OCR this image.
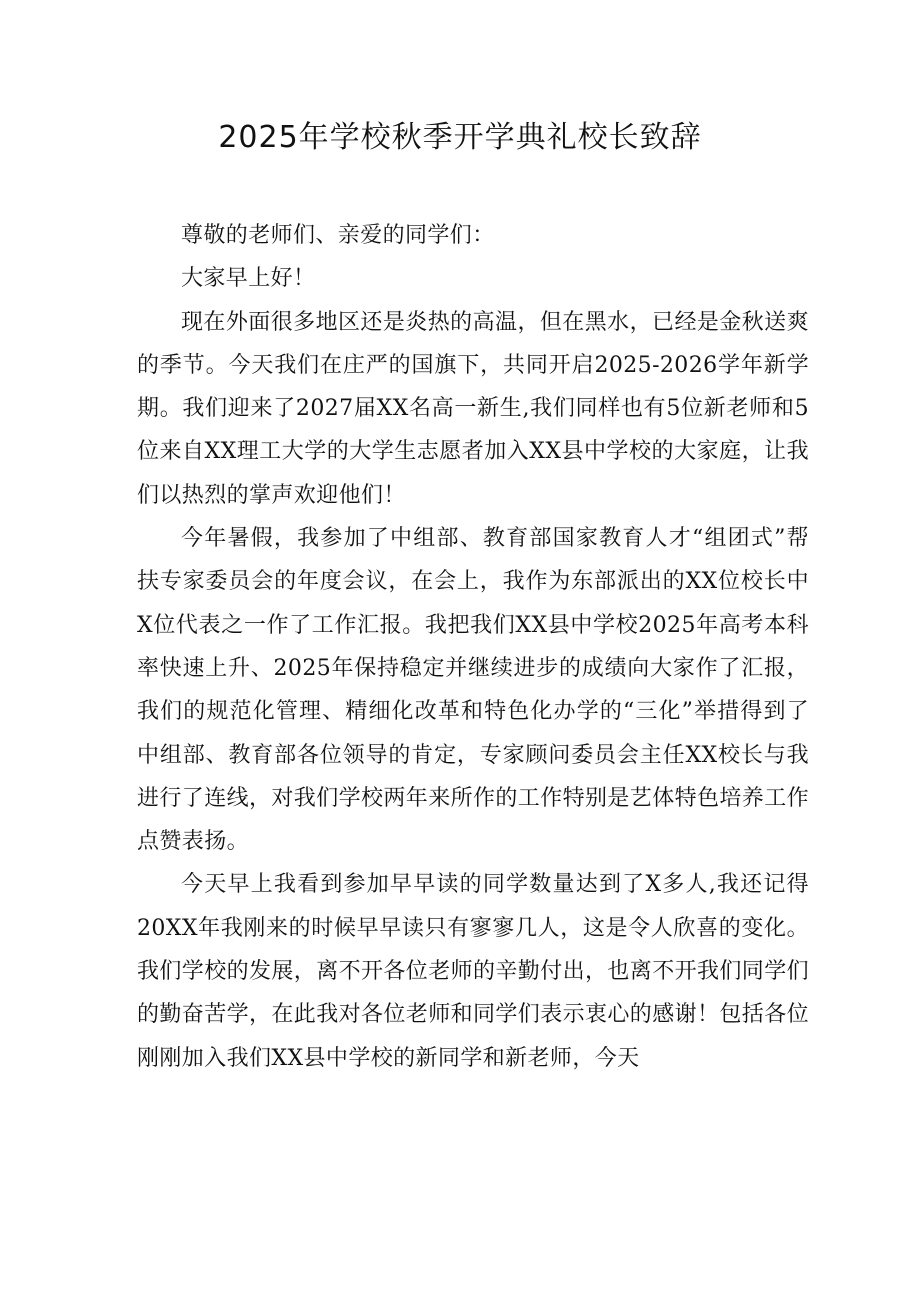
2025年学校秋季开学典礼校长致辞

尊敬的老师们、亲爱的同学们：

大家早上好！

现在外面很多地区还是炎热的高温，但在黑水，已经是金秋送爽的季节。今天我们在庄严的国旗下，共同开启2025-2026学年新学期。我们迎来了2027届XX名高一新生,我们同样也有5位新老师和5位来自XX理工大学的大学生志愿者加入XX县中学校的大家庭，让我们以热烈的掌声欢迎他们！

今年暑假，我参加了中组部、教育部国家教育人才“组团式”帮扶专家委员会的年度会议，在会上，我作为东部派出的XX位校长中X位代表之一作了工作汇报。我把我们XX县中学校2025年高考本科率快速上升、2025年保持稳定并继续进步的成绩向大家作了汇报，我们的规范化管理、精细化改革和特色化办学的“三化”举措得到了中组部、教育部各位领导的肯定，专家顾问委员会主任XX校长与我进行了连线，对我们学校两年来所作的工作特别是艺体特色培养工作点赞表扬。

今天早上我看到参加早早读的同学数量达到了X多人,我还记得20XX年我刚来的时候早早读只有寥寥几人，这是令人欣喜的变化。我们学校的发展，离不开各位老师的辛勤付出，也离不开我们同学们的勤奋苦学，在此我对各位老师和同学们表示衷心的感谢！包括各位刚刚加入我们XX县中学校的新同学和新老师，今天
